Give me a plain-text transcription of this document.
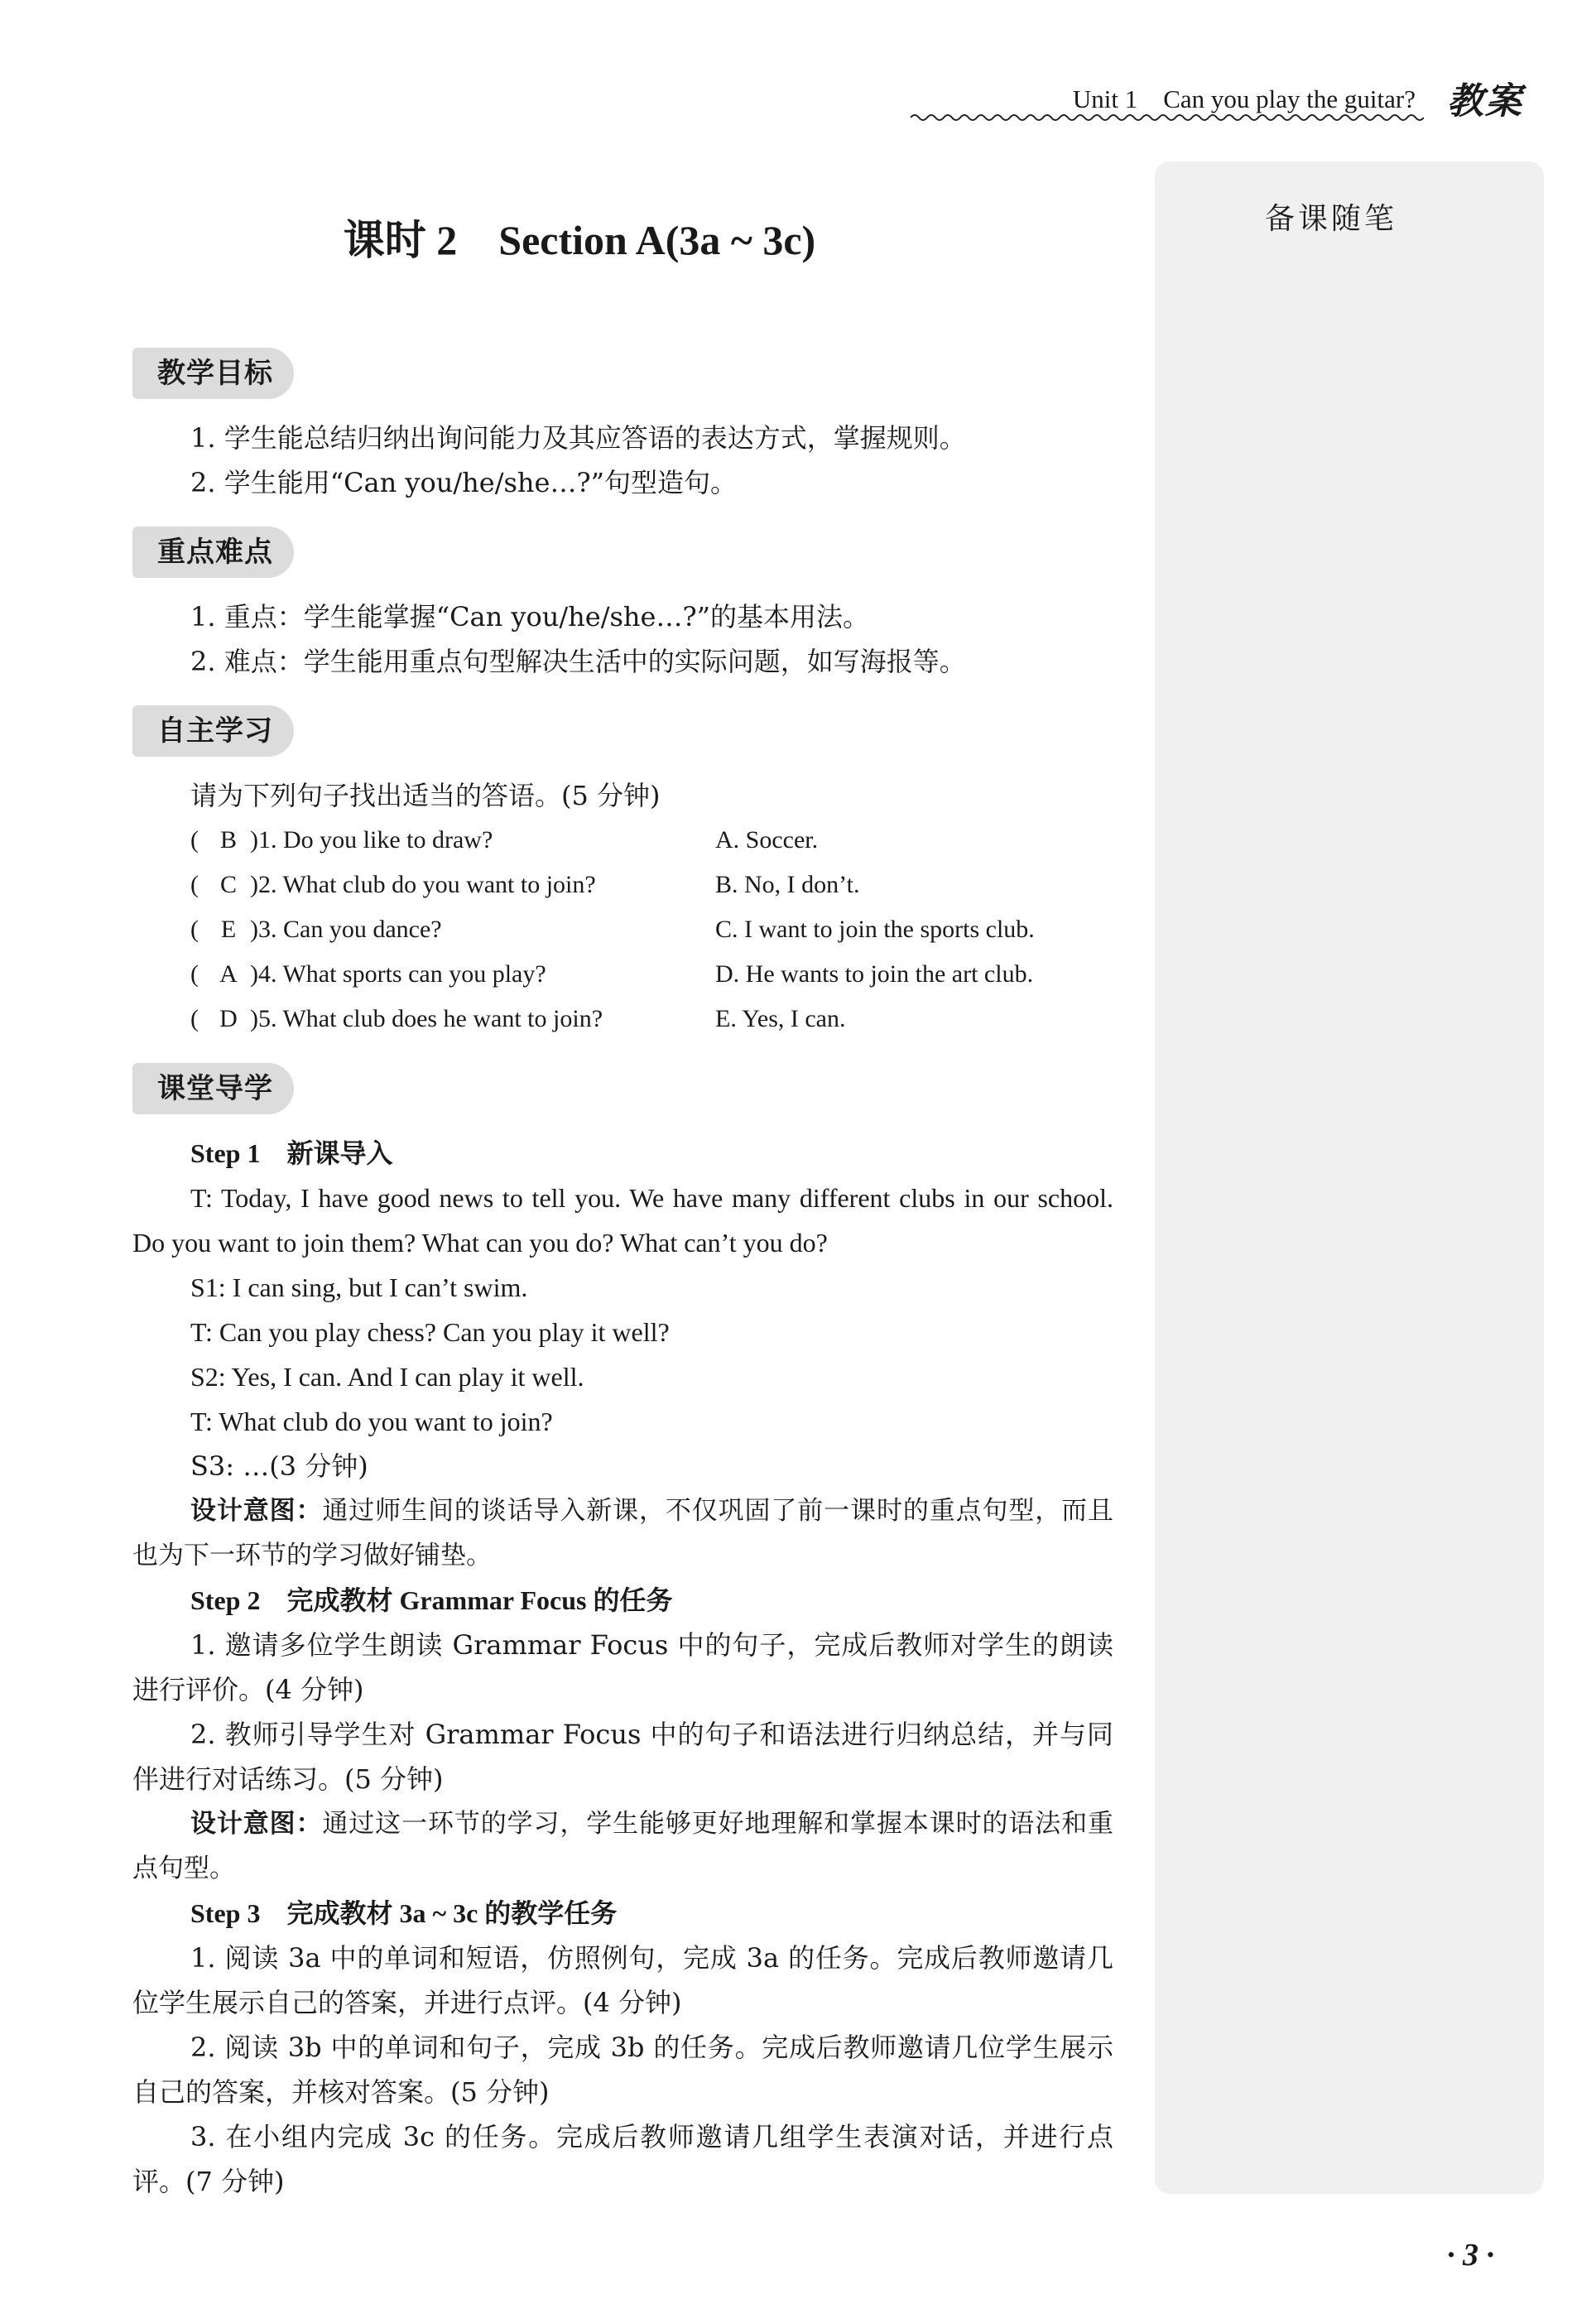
Unit 1　Can you play the guitar? 教案
备课随笔
课时 2　Section A(3a ~ 3c)
教学目标
1. 学生能总结归纳出询问能力及其应答语的表达方式，掌握规则。
2. 学生能用“Can you/he/she…?”句型造句。
重点难点
1. 重点：学生能掌握“Can you/he/she…?”的基本用法。
2. 难点：学生能用重点句型解决生活中的实际问题，如写海报等。
自主学习
请为下列句子找出适当的答语。(5 分钟)
( B )1. Do you like to draw?
( C )2. What club do you want to join?
( E )3. Can you dance?
( A )4. What sports can you play?
( D )5. What club does he want to join?
A. Soccer.
B. No, I don’t.
C. I want to join the sports club.
D. He wants to join the art club.
E. Yes, I can.
课堂导学
Step 1　新课导入
T: Today, I have good news to tell you. We have many different clubs in our school. Do you want to join them? What can you do? What can’t you do?
S1: I can sing, but I can’t swim.
T: Can you play chess? Can you play it well?
S2: Yes, I can. And I can play it well.
T: What club do you want to join?
S3: …(3 分钟)
设计意图：通过师生间的谈话导入新课，不仅巩固了前一课时的重点句型，而且也为下一环节的学习做好铺垫。
Step 2　完成教材 Grammar Focus 的任务
1. 邀请多位学生朗读 Grammar Focus 中的句子，完成后教师对学生的朗读进行评价。(4 分钟)
2. 教师引导学生对 Grammar Focus 中的句子和语法进行归纳总结，并与同伴进行对话练习。(5 分钟)
设计意图：通过这一环节的学习，学生能够更好地理解和掌握本课时的语法和重点句型。
Step 3　完成教材 3a ~ 3c 的教学任务
1. 阅读 3a 中的单词和短语，仿照例句，完成 3a 的任务。完成后教师邀请几位学生展示自己的答案，并进行点评。(4 分钟)
2. 阅读 3b 中的单词和句子，完成 3b 的任务。完成后教师邀请几位学生展示自己的答案，并核对答案。(5 分钟)
3. 在小组内完成 3c 的任务。完成后教师邀请几组学生表演对话，并进行点评。(7 分钟)
· 3 ·
